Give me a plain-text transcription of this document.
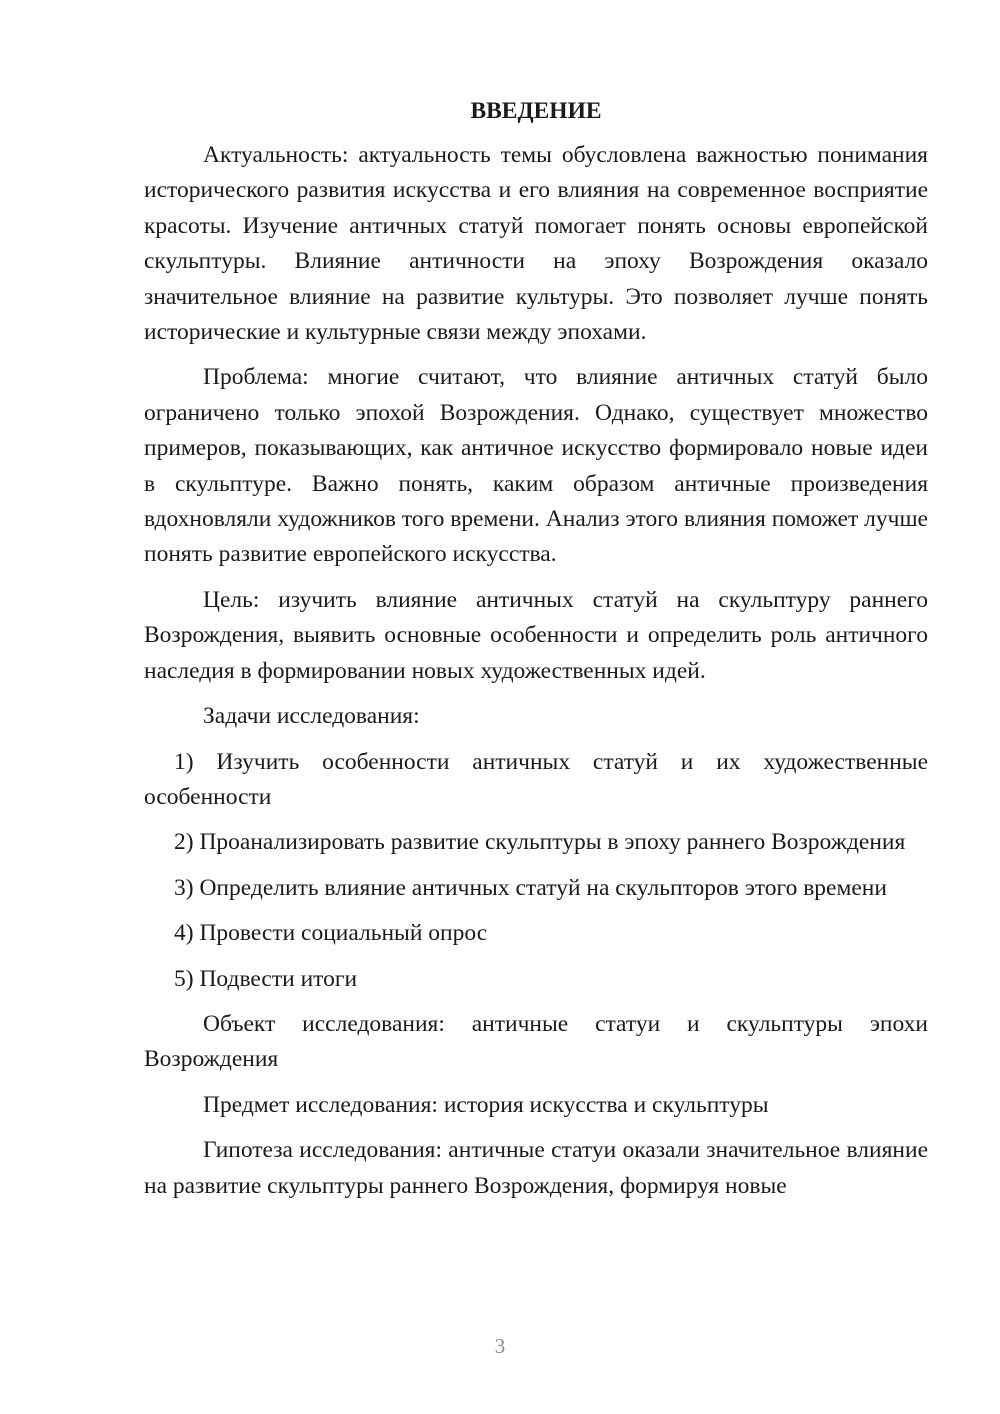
ВВЕДЕНИЕ

Актуальность: актуальность темы обусловлена важностью понимания исторического развития искусства и его влияния на современное восприятие красоты. Изучение античных статуй помогает понять основы европейской скульптуры. Влияние античности на эпоху Возрождения оказало значительное влияние на развитие культуры. Это позволяет лучше понять исторические и культурные связи между эпохами.

Проблема: многие считают, что влияние античных статуй было ограничено только эпохой Возрождения. Однако, существует множество примеров, показывающих, как античное искусство формировало новые идеи в скульптуре. Важно понять, каким образом античные произведения вдохновляли художников того времени. Анализ этого влияния поможет лучше понять развитие европейского искусства.

Цель: изучить влияние античных статуй на скульптуру раннего Возрождения, выявить основные особенности и определить роль античного наследия в формировании новых художественных идей.

Задачи исследования:

1) Изучить особенности античных статуй и их художественные особенности

2) Проанализировать развитие скульптуры в эпоху раннего Возрождения

3) Определить влияние античных статуй на скульпторов этого времени

4) Провести социальный опрос

5) Подвести итоги

Объект исследования: античные статуи и скульптуры эпохи Возрождения

Предмет исследования: история искусства и скульптуры

Гипотеза исследования: античные статуи оказали значительное влияние на развитие скульптуры раннего Возрождения, формируя новые

3
